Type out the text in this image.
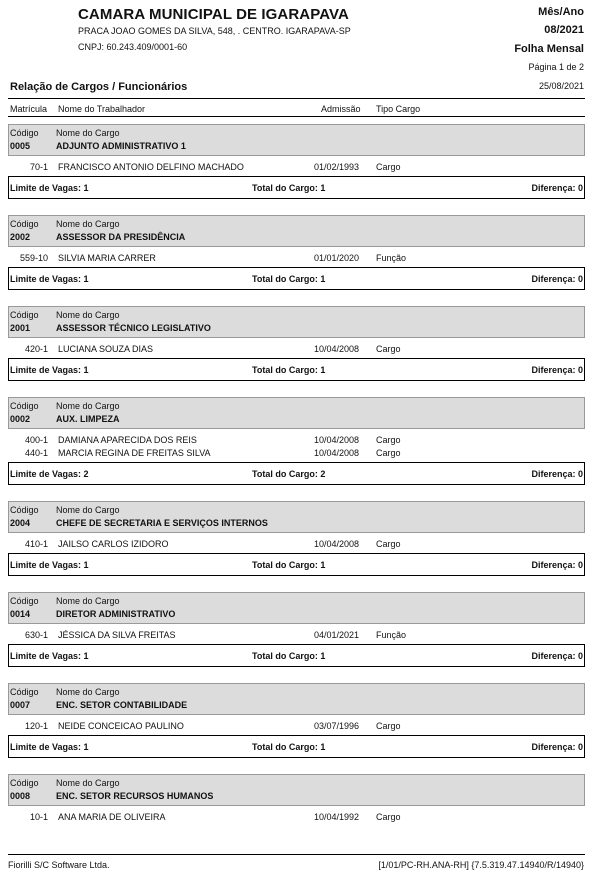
CAMARA MUNICIPAL DE IGARAPAVA
PRACA JOAO GOMES DA SILVA, 548, . CENTRO. IGARAPAVA-SP
CNPJ: 60.243.409/0001-60
Mês/Ano
08/2021
Folha Mensal
Página 1 de 2
Relação de Cargos / Funcionários	25/08/2021
Matrícula Nome do Trabalhador	Admissão Tipo Cargo
Código Nome do Cargo
0005	ADJUNTO ADMINISTRATIVO 1
70-1 FRANCISCO ANTONIO DELFINO MACHADO	01/02/1993 Cargo
Limite de Vagas: 1	Total do Cargo: 1	Diferença: 0
Código Nome do Cargo
2002	ASSESSOR DA PRESIDÊNCIA
559-10 SILVIA MARIA CARRER	01/01/2020 Função
Limite de Vagas: 1	Total do Cargo: 1	Diferença: 0
Código Nome do Cargo
2001	ASSESSOR TÉCNICO LEGISLATIVO
420-1 LUCIANA SOUZA DIAS	10/04/2008 Cargo
Limite de Vagas: 1	Total do Cargo: 1	Diferença: 0
Código Nome do Cargo
0002	AUX. LIMPEZA
400-1 DAMIANA APARECIDA DOS REIS	10/04/2008 Cargo
440-1 MARCIA REGINA DE FREITAS SILVA	10/04/2008 Cargo
Limite de Vagas: 2	Total do Cargo: 2	Diferença: 0
Código Nome do Cargo
2004	CHEFE DE SECRETARIA E SERVIÇOS INTERNOS
410-1 JAILSO CARLOS IZIDORO	10/04/2008 Cargo
Limite de Vagas: 1	Total do Cargo: 1	Diferença: 0
Código Nome do Cargo
0014	DIRETOR ADMINISTRATIVO
630-1 JÉSSICA DA SILVA FREITAS	04/01/2021 Função
Limite de Vagas: 1	Total do Cargo: 1	Diferença: 0
Código Nome do Cargo
0007	ENC. SETOR CONTABILIDADE
120-1 NEIDE CONCEICAO PAULINO	03/07/1996 Cargo
Limite de Vagas: 1	Total do Cargo: 1	Diferença: 0
Código Nome do Cargo
0008	ENC. SETOR RECURSOS HUMANOS
10-1 ANA MARIA DE OLIVEIRA	10/04/1992 Cargo
Fiorilli S/C Software Ltda.	[1/01/PC-RH.ANA-RH] {7.5.319.47.14940/R/14940}
